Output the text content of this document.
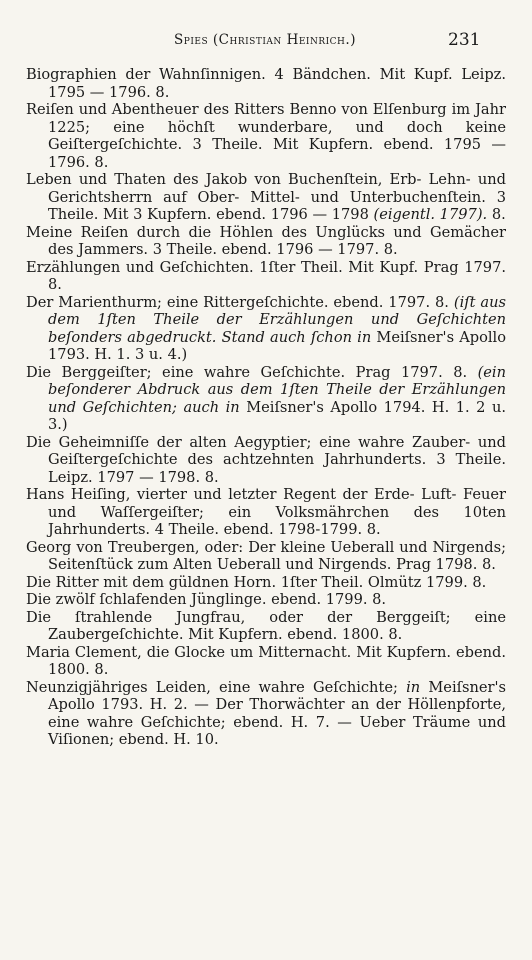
Spies (Christian Heinrich.)	231

Biographien der Wahnſinnigen. 4 Bändchen. Mit Kupf. Leipz. 1795 — 1796. 8.

Reiſen und Abentheuer des Ritters Benno von Elſenburg im Jahr 1225; eine höchſt wunderbare, und doch keine Geiſtergeſchichte. 3 Theile. Mit Kupfern. ebend. 1795 — 1796. 8.

Leben und Thaten des Jakob von Buchenſtein, Erb- Lehn- und Gerichtsherrn auf Ober- Mittel- und Unterbuchenſtein. 3 Theile. Mit 3 Kupfern. ebend. 1796 — 1798 (eigentl. 1797). 8.

Meine Reiſen durch die Höhlen des Unglücks und Gemächer des Jammers. 3 Theile. ebend. 1796 — 1797. 8.

Erzählungen und Geſchichten. 1ſter Theil. Mit Kupf. Prag 1797. 8.

Der Marienthurm; eine Rittergeſchichte. ebend. 1797. 8. (iſt aus dem 1ſten Theile der Erzählungen und Geſchichten beſonders abgedruckt. Stand auch ſchon in Meiſsner's Apollo 1793. H. 1. 3 u. 4.)

Die Berggeiſter; eine wahre Geſchichte. Prag 1797. 8. (ein beſonderer Abdruck aus dem 1ſten Theile der Erzählungen und Geſchichten; auch in Meiſsner's Apollo 1794. H. 1. 2 u. 3.)

Die Geheimniſſe der alten Aegyptier; eine wahre Zauber- und Geiſtergeſchichte des achtzehnten Jahrhunderts. 3 Theile. Leipz. 1797 — 1798. 8.

Hans Heiſing, vierter und letzter Regent der Erde- Luft- Feuer und Waſſergeiſter; ein Volksmährchen des 10ten Jahrhunderts. 4 Theile. ebend. 1798-1799. 8.

Georg von Treubergen, oder: Der kleine Ueberall und Nirgends; Seitenſtück zum Alten Ueberall und Nirgends. Prag 1798. 8.

Die Ritter mit dem güldnen Horn. 1ſter Theil. Olmütz 1799. 8.

Die zwölf ſchlafenden Jünglinge. ebend. 1799. 8.

Die ſtrahlende Jungfrau, oder der Berggeiſt; eine Zaubergeſchichte. Mit Kupfern. ebend. 1800. 8.

Maria Clement, die Glocke um Mitternacht. Mit Kupfern. ebend. 1800. 8.

Neunzigjähriges Leiden, eine wahre Geſchichte; in Meiſsner's Apollo 1793. H. 2. — Der Thorwächter an der Höllenpforte, eine wahre Geſchichte; ebend. H. 7. — Ueber Träume und Viſionen; ebend. H. 10.
